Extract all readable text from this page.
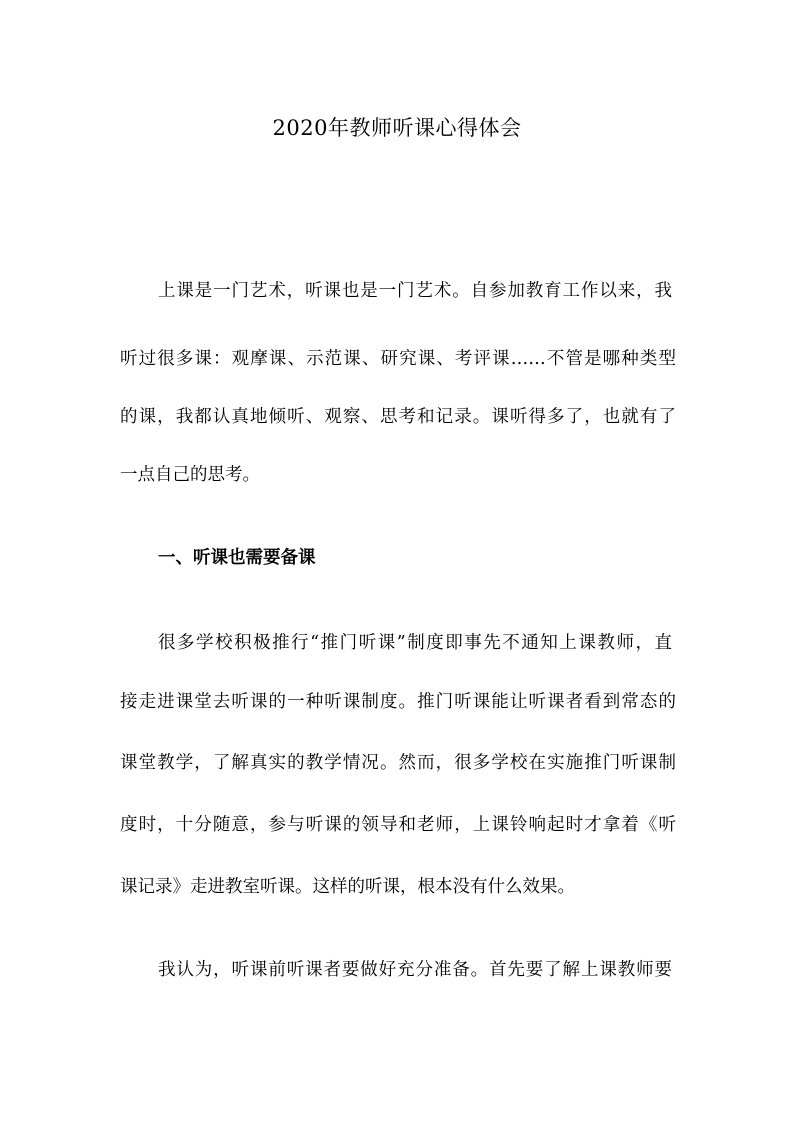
2020年教师听课心得体会
上课是一门艺术，听课也是一门艺术。自参加教育工作以来，我
听过很多课：观摩课、示范课、研究课、考评课……不管是哪种类型
的课，我都认真地倾听、观察、思考和记录。课听得多了，也就有了
一点自己的思考。
一、听课也需要备课
很多学校积极推行“推门听课”制度即事先不通知上课教师，直
接走进课堂去听课的一种听课制度。推门听课能让听课者看到常态的
课堂教学，了解真实的教学情况。然而，很多学校在实施推门听课制
度时，十分随意，参与听课的领导和老师，上课铃响起时才拿着《听
课记录》走进教室听课。这样的听课，根本没有什么效果。
我认为，听课前听课者要做好充分准备。首先要了解上课教师要
